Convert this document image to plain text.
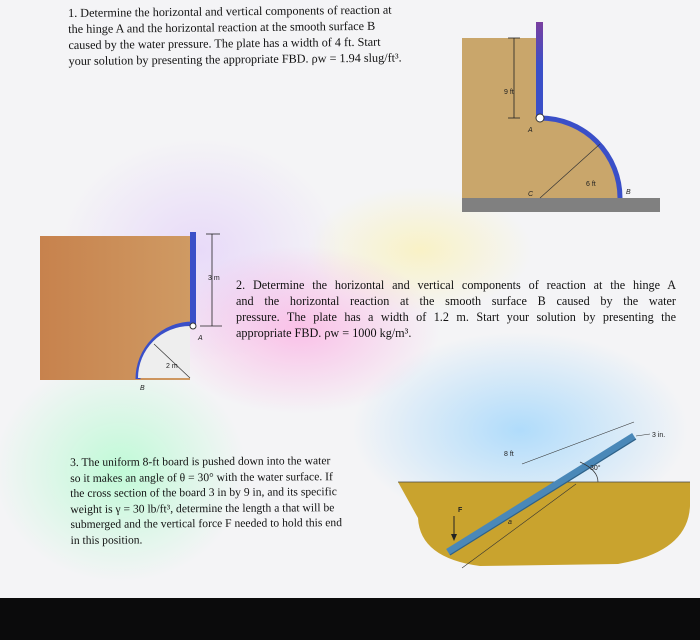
1. Determine the horizontal and vertical components of reaction at
the hinge A and the horizontal reaction at the smooth surface B
caused by the water pressure. The plate has a width of 4 ft. Start
your solution by presenting the appropriate FBD. ρw = 1.94 slug/ft³.
9 ft
A
6 ft
B
C
3 m
A
2 m
B
2. Determine the horizontal and vertical components of reaction at the hinge A
and the horizontal reaction at the smooth surface B caused by the water
pressure. The plate has a width of 1.2 m. Start your solution by presenting the
appropriate FBD. ρw = 1000 kg/m³.
3. The uniform 8-ft board is pushed down into the water
so it makes an angle of θ = 30° with the water surface. If
the cross section of the board 3 in by 9 in, and its specific
weight is γ = 30 lb/ft³, determine the length a that will be
submerged and the vertical force F needed to hold this end
in this position.
3 in.
8 ft
30°
F
a
